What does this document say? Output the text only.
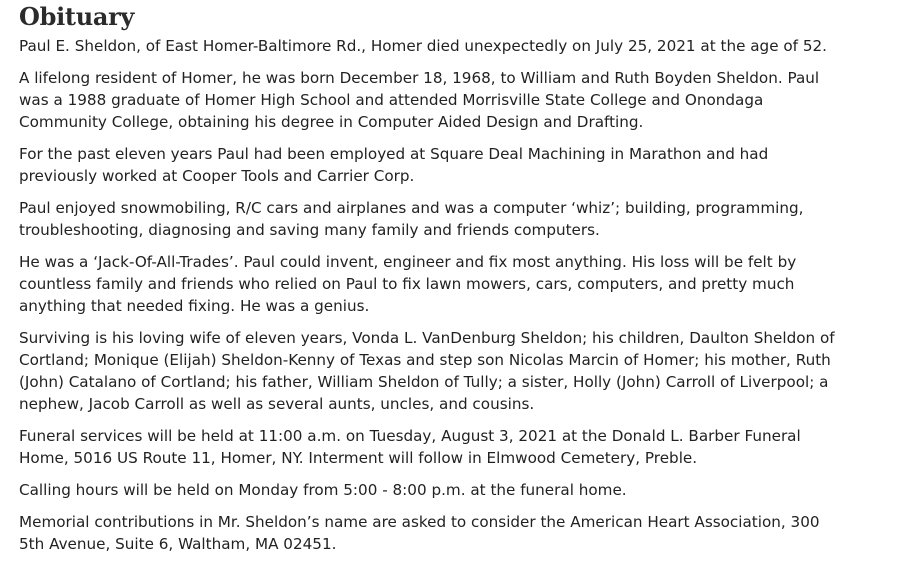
Obituary

Paul E. Sheldon, of East Homer-Baltimore Rd., Homer died unexpectedly on July 25, 2021 at the age of 52.

A lifelong resident of Homer, he was born December 18, 1968, to William and Ruth Boyden Sheldon. Paul was a 1988 graduate of Homer High School and attended Morrisville State College and Onondaga Community College, obtaining his degree in Computer Aided Design and Drafting.

For the past eleven years Paul had been employed at Square Deal Machining in Marathon and had previously worked at Cooper Tools and Carrier Corp.

Paul enjoyed snowmobiling, R/C cars and airplanes and was a computer ‘whiz’; building, programming, troubleshooting, diagnosing and saving many family and friends computers.

He was a ‘Jack-Of-All-Trades’. Paul could invent, engineer and fix most anything. His loss will be felt by countless family and friends who relied on Paul to fix lawn mowers, cars, computers, and pretty much anything that needed fixing. He was a genius.

Surviving is his loving wife of eleven years, Vonda L. VanDenburg Sheldon; his children, Daulton Sheldon of Cortland; Monique (Elijah) Sheldon-Kenny of Texas and step son Nicolas Marcin of Homer; his mother, Ruth (John) Catalano of Cortland; his father, William Sheldon of Tully; a sister, Holly (John) Carroll of Liverpool; a nephew, Jacob Carroll as well as several aunts, uncles, and cousins.

Funeral services will be held at 11:00 a.m. on Tuesday, August 3, 2021 at the Donald L. Barber Funeral Home, 5016 US Route 11, Homer, NY. Interment will follow in Elmwood Cemetery, Preble.

Calling hours will be held on Monday from 5:00 - 8:00 p.m. at the funeral home.

Memorial contributions in Mr. Sheldon’s name are asked to consider the American Heart Association, 300 5th Avenue, Suite 6, Waltham, MA 02451.
